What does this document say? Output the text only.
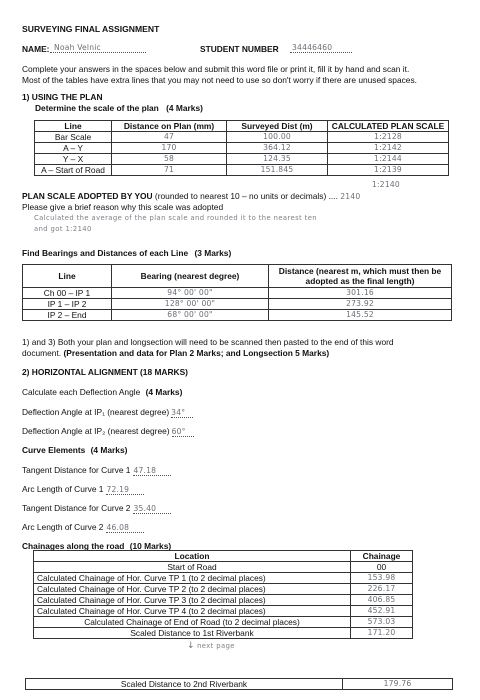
SURVEYING FINAL ASSIGNMENT
NAME: Noah Velnic	STUDENT NUMBER 34446460
Complete your answers in the spaces below and submit this word file or print it, fill it by hand and scan it.
Most of the tables have extra lines that you may not need to use so don't worry if there are unused spaces.
1) USING THE PLAN
Determine the scale of the plan (4 Marks)
Line	Distance on Plan (mm)	Surveyed Dist (m)	CALCULATED PLAN SCALE
Bar Scale	47	100.00	1:2128
A – Y	170	364.12	1:2142
Y – X	58	124.35	1:2144
A – Start of Road	71	151.845	1:2139
1:2140
PLAN SCALE ADOPTED BY YOU (rounded to nearest 10 – no units or decimals) .... 2140
Please give a brief reason why this scale was adopted
Calculated the average of the plan scale and rounded it to the nearest ten
and got 1:2140
Find Bearings and Distances of each Line (3 Marks)
Line	Bearing (nearest degree)	Distance (nearest m, which must then be adopted as the final length)
Ch 00 – IP 1	94° 00' 00"	301.16
IP 1 – IP 2	128° 00' 00"	273.92
IP 2 – End	68° 00' 00"	145.52
1) and 3) Both your plan and longsection will need to be scanned then pasted to the end of this word
document. (Presentation and data for Plan 2 Marks; and Longsection 5 Marks)
2) HORIZONTAL ALIGNMENT (18 MARKS)
Calculate each Deflection Angle (4 Marks)
Deflection Angle at IP₁ (nearest degree) 34°
Deflection Angle at IP₂ (nearest degree) 60°
Curve Elements (4 Marks)
Tangent Distance for Curve 1 47.18
Arc Length of Curve 1 72.19
Tangent Distance for Curve 2 35.40
Arc Length of Curve 2 46.08
Chainages along the road (10 Marks)
Location	Chainage
Start of Road	00
Calculated Chainage of Hor. Curve TP 1 (to 2 decimal places)	153.98
Calculated Chainage of Hor. Curve TP 2 (to 2 decimal places)	226.17
Calculated Chainage of Hor. Curve TP 3 (to 2 decimal places)	406.85
Calculated Chainage of Hor. Curve TP 4 (to 2 decimal places)	452.91
Calculated Chainage of End of Road (to 2 decimal places)	573.03
Scaled Distance to 1st Riverbank	171.20
↓ next page
Scaled Distance to 2nd Riverbank	179.76
